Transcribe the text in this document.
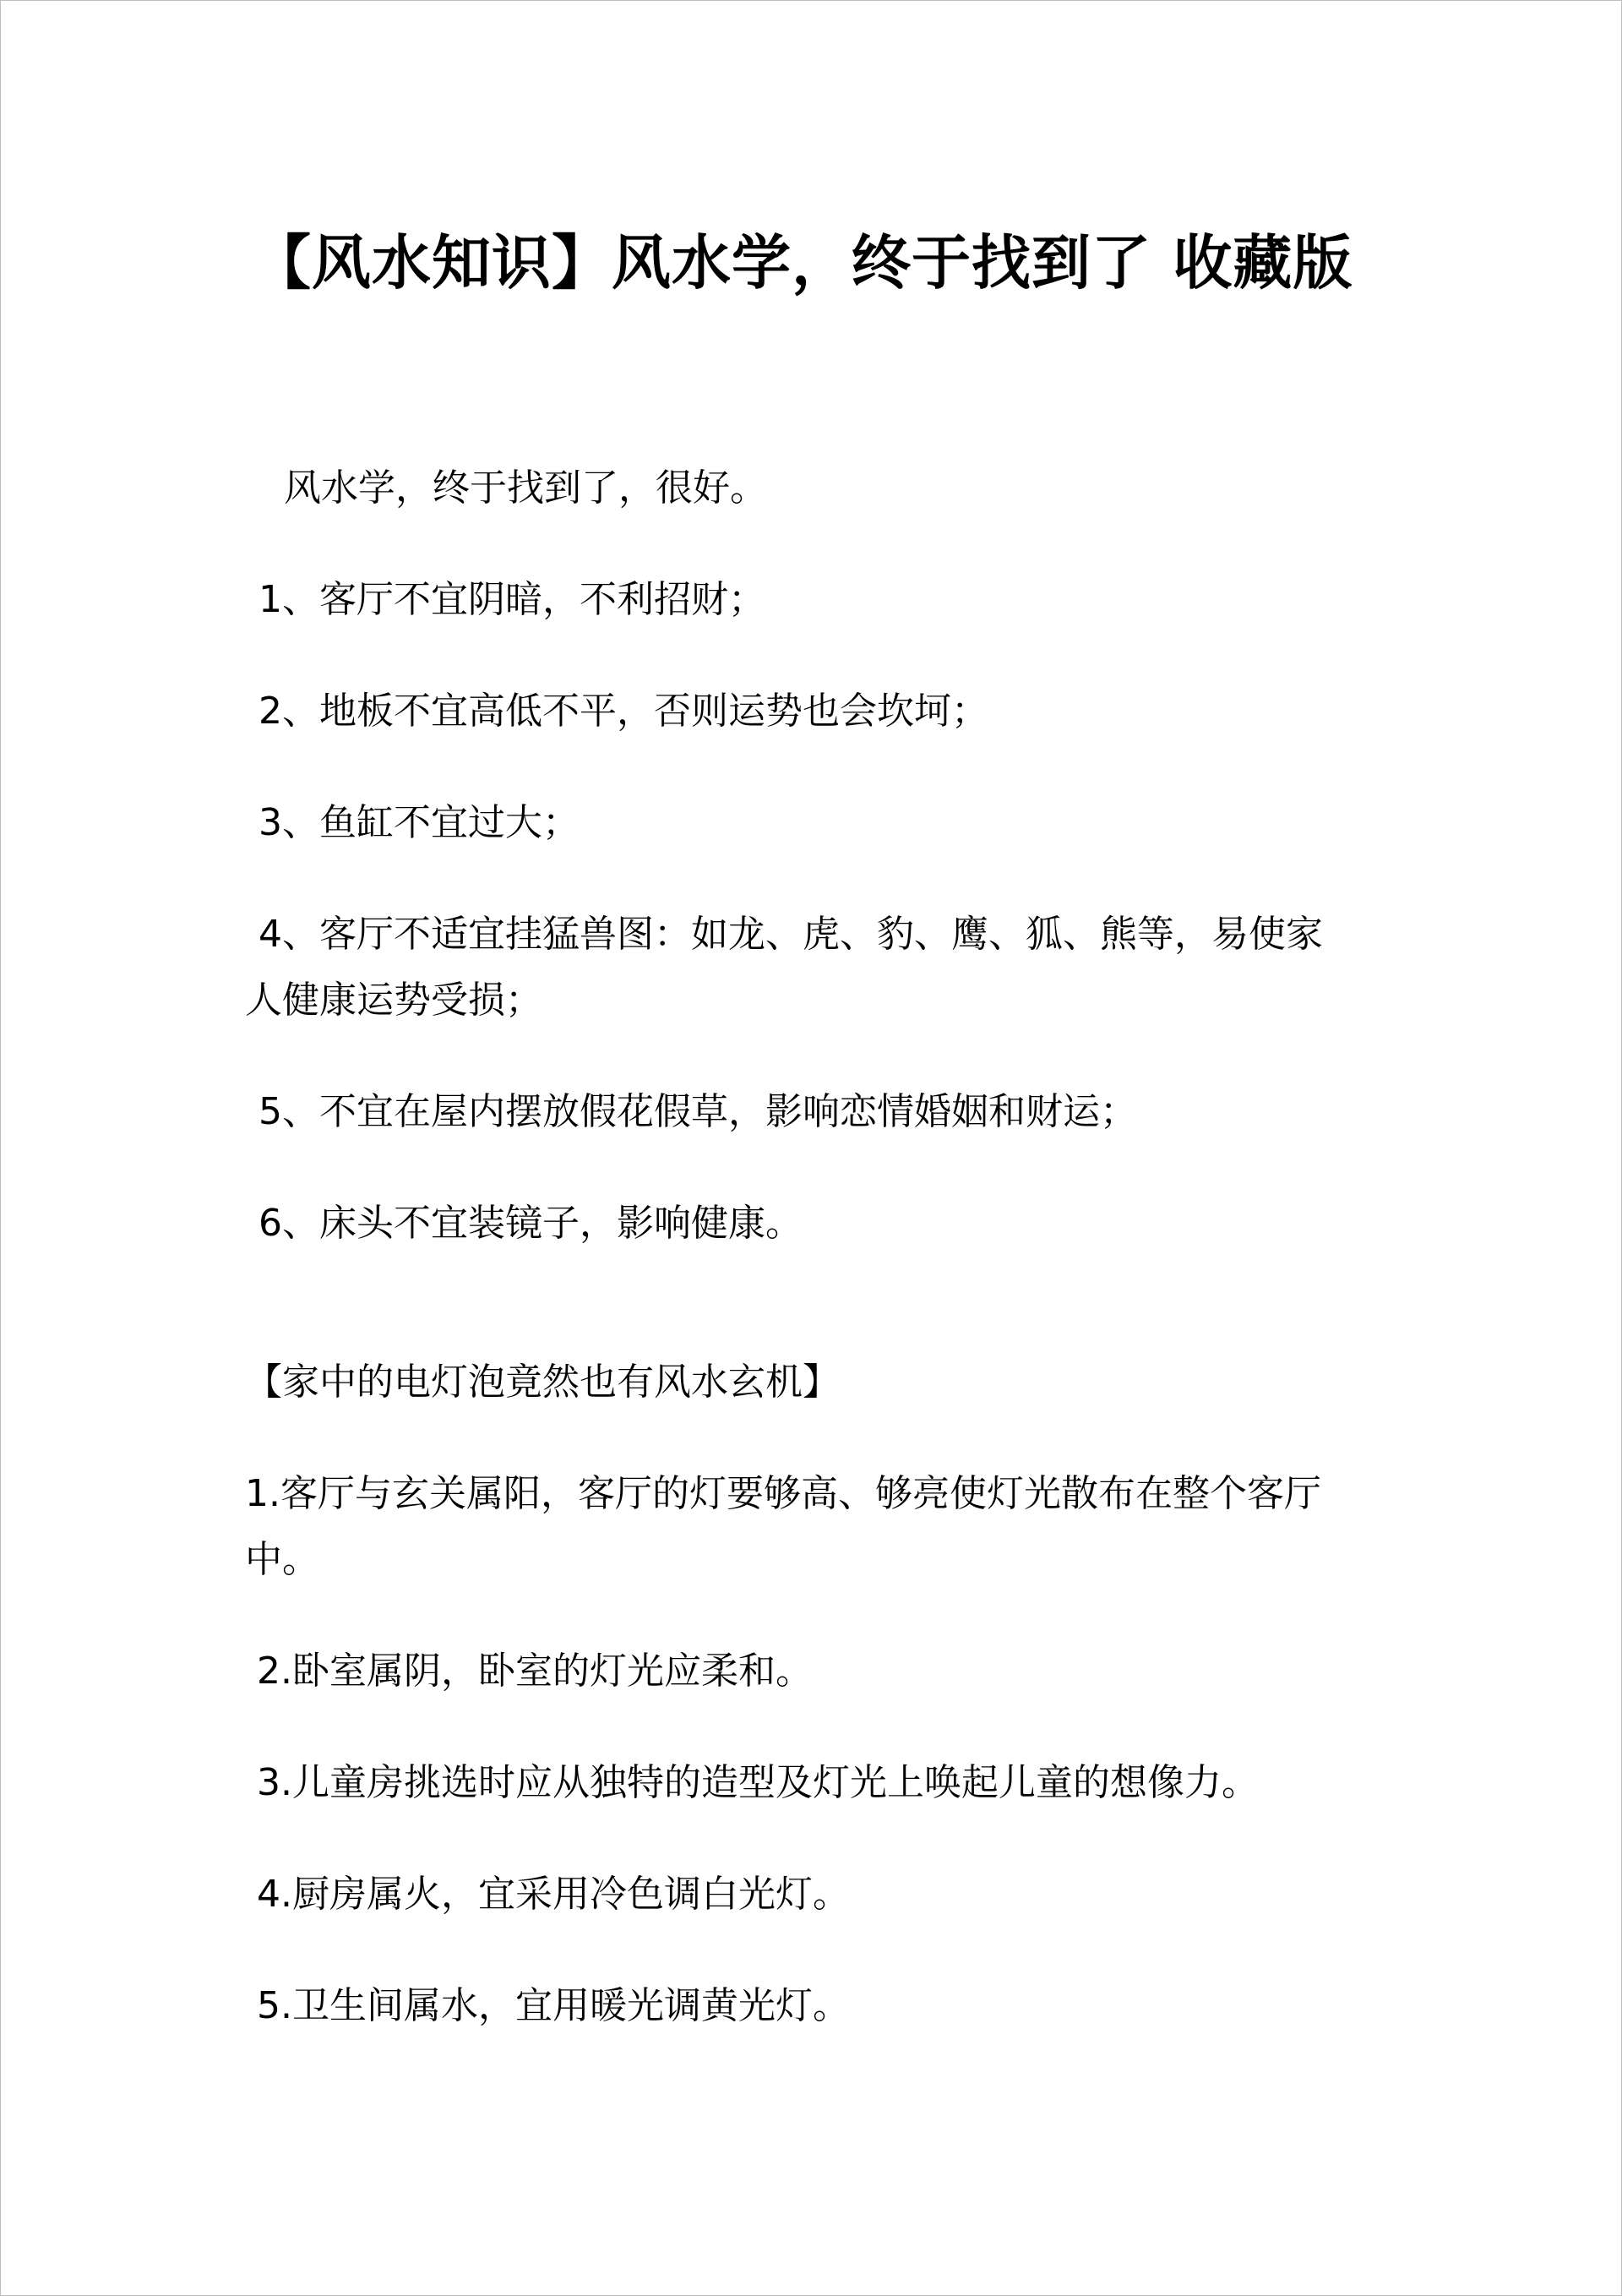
【风水知识】风水学，终于找到了 收藏版
风水学，终于找到了，很好。
1、客厅不宜阴暗，不利招财；
2、地板不宜高低不平，否则运势也会坎坷；
3、鱼缸不宜过大；
4、客厅不适宜挂猛兽图：如龙、虎、豹、鹰、狐、熊等，易使家
人健康运势受损；
5、不宜在屋内摆放假花假草，影响恋情婚姻和财运；
6、床头不宜装镜子，影响健康。
【家中的电灯泡竟然也有风水玄机】
1.客厅与玄关属阳，客厅的灯要够高、够亮使灯光散布在整个客厅
中。
2.卧室属阴，卧室的灯光应柔和。
3.儿童房挑选时应从独特的造型及灯光上唤起儿童的想像力。
4.厨房属火，宜采用冷色调白光灯。
5.卫生间属水，宜用暖光调黄光灯。
